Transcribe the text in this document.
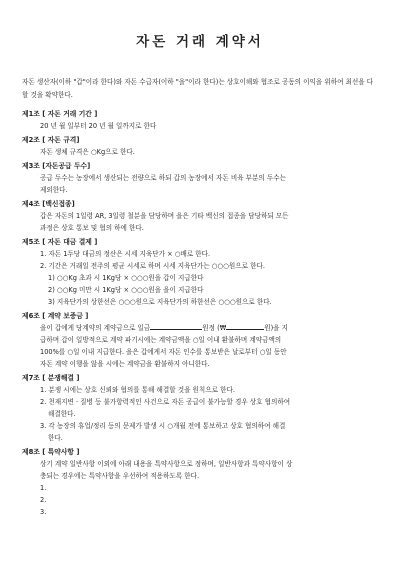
자돈 거래 계약서
자돈 생산자(이하 "갑"이라 한다)와 자돈 수급자(이하 "을"이라 한다)는 상호이해와 협조로 공동의 이익을 위하여 최선을 다 할 것을 확약한다.
제1조 [ 자돈 거래 기간 ]
20 년 월 일부터 20 년 월 일까지로 한다
제2조 [ 자돈 규격]
자돈 생체 규격은 ○Kg으로 한다.
제3조 [자돈공급 두수]
공급 두수는 농장에서 생산되는 전량으로 하되 갑의 농장에서 자돈 비육 부분의 두수는
제외한다.
제4조 [백신접종]
갑은 자돈의 1일령 AR, 3일령 철분을 담당하며 을은 기타 백신의 접종을 담당하되 모든
과정은 상호 통보 및 협의 하에 한다.
제5조 [ 자돈 대금 결제 ]
1. 자돈 1두당 대금의 정산은 시세 지육단가 × ○배로 한다.
2. 기간은 거래일 전주의 평균 시세로 하며 시세 지육단가는 ○○○원으로 한다.
1) ○○Kg 초과 시 1Kg당 × ○○○원을 갑이 지급한다
2) ○○Kg 미만 시 1Kg당 × ○○○원을 을이 지급한다
3) 지육단가의 상한선은 ○○○원으로 지육단가의 하한선은 ○○○원으로 한다.
제6조 [ 계약 보증금 ]
을이 갑에게 당계약의 계약금으로 일금	원정 (₩	원)을 지
급하며 갑이 일방적으로 계약 파기시에는 계약금액을 ○일 이내 환불하며 계약금액의
100%를 ○일 이내 지급한다. 을은 갑에게서 자돈 인수를 통보받은 날로부터 ○일 동안
자돈 계약 이행을 않을 시에는 계약금을 환불하지 아니한다.
제7조 [ 분쟁해결 ]
1. 분쟁 시에는 상호 신뢰와 협의를 통해 해결할 것을 원칙으로 한다.
2. 천재지변 · 질병 등 불가항력적인 사건으로 자돈 공급이 불가능할 경우 상호 협의하여
해결한다.
3. 각 농장의 휴업/정리 등의 문제가 발생 시 ○개월 전에 통보하고 상호 협의하여 해결
한다.
제8조 [ 특약사항 ]
상기 계약 일반사항 이외에 아래 내용을 특약사항으로 정하며, 일반사항과 특약사항이 상
충되는 경우에는 특약사항을 우선하여 적용하도록 한다.
1.
2.
3.
